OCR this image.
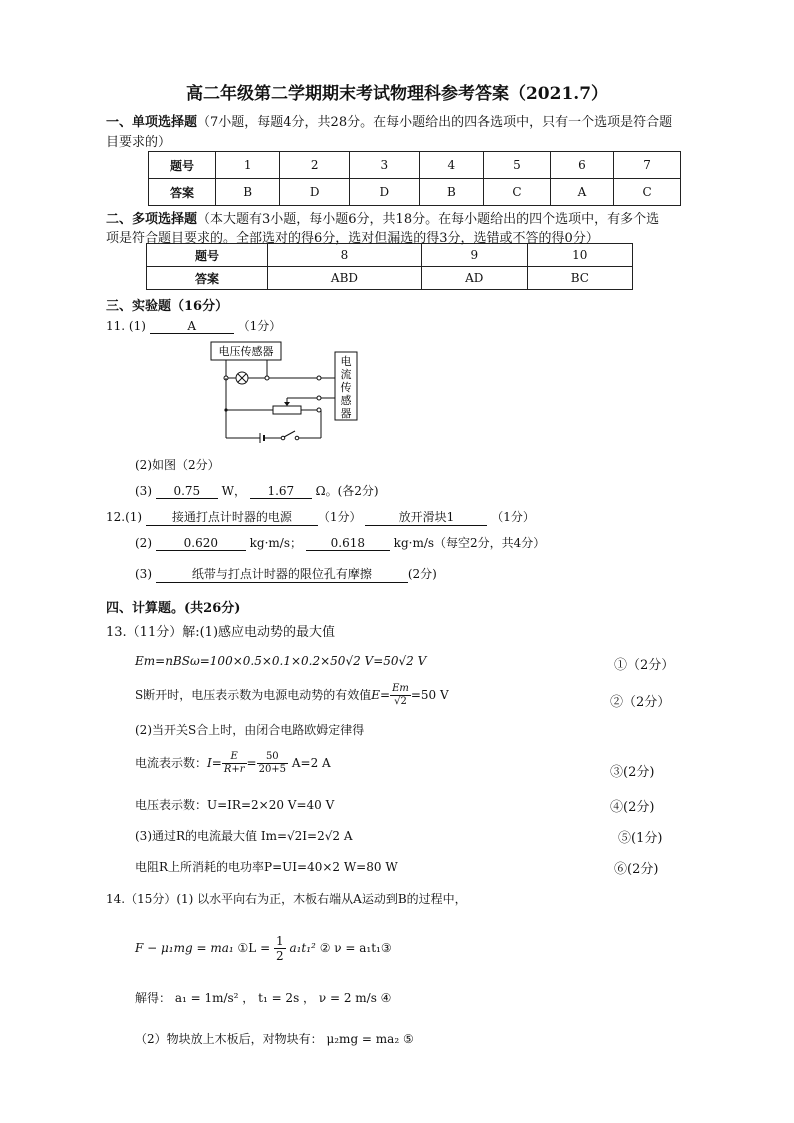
高二年级第二学期期末考试物理科参考答案（2021.7）
一、单项选择题（7小题，每题4分，共28分。在每小题给出的四各选项中，只有一个选项是符合题
目要求的）
题号	1	2	3	4	5	6	7
答案	B	D	D	B	C	A	C
二、多项选择题（本大题有3小题，每小题6分，共18分。在每小题给出的四个选项中，有多个选
项是符合题目要求的。全部选对的得6分，选对但漏选的得3分，选错或不答的得0分）
题号	8	9	10
答案	ABD	AD	BC
三、实验题（16分）
11. (1)	A	（1分）
电压传感器
电
流
传
感
器
(2)如图（2分）
(3) 0.75 W， 1.67 Ω。(各2分)
12.(1) 接通打点计时器的电源 （1分）	放开滑块1	（1分）
(2)	0.620	kg·m/s； 0.618 kg·m/s（每空2分，共4分）
(3)	纸带与打点计时器的限位孔有摩擦	(2分)
四、计算题。(共26分)
13.（11分）解:(1)感应电动势的最大值
Em=nBSω=100×0.5×0.1×0.2×50√2 V=50√2 V	①（2分）
S断开时，电压表示数为电源电动势的有效值$E= \frac{Em}{√2} =50$ V	②（2分）
(2)当开关S合上时，由闭合电路欧姆定律得
电流表示数：$I= \frac{E}{R+r} = \frac{50}{20+5} A=2$ A
③(2分)
电压表示数：U=IR=2×20 V=40 V	④(2分)
(3)通过R的电流最大值 Im=√2I=2√2 A	⑤(1分)
电阻R上所消耗的电功率P=UI=40×2 W=80 W	⑥(2分)
14.（15分）(1) 以水平向右为正，木板右端从A运动到B的过程中，
F − μ₁mg = ma₁ ①L = $\frac{1}{2} a_1t_1^2$ ② ν = a₁t₁③
解得： a₁ = 1m/s² ， t₁ = 2s ， ν = 2 m/s ④
（2）物块放上木板后，对物块有： μ₂mg = ma₂ ⑤
